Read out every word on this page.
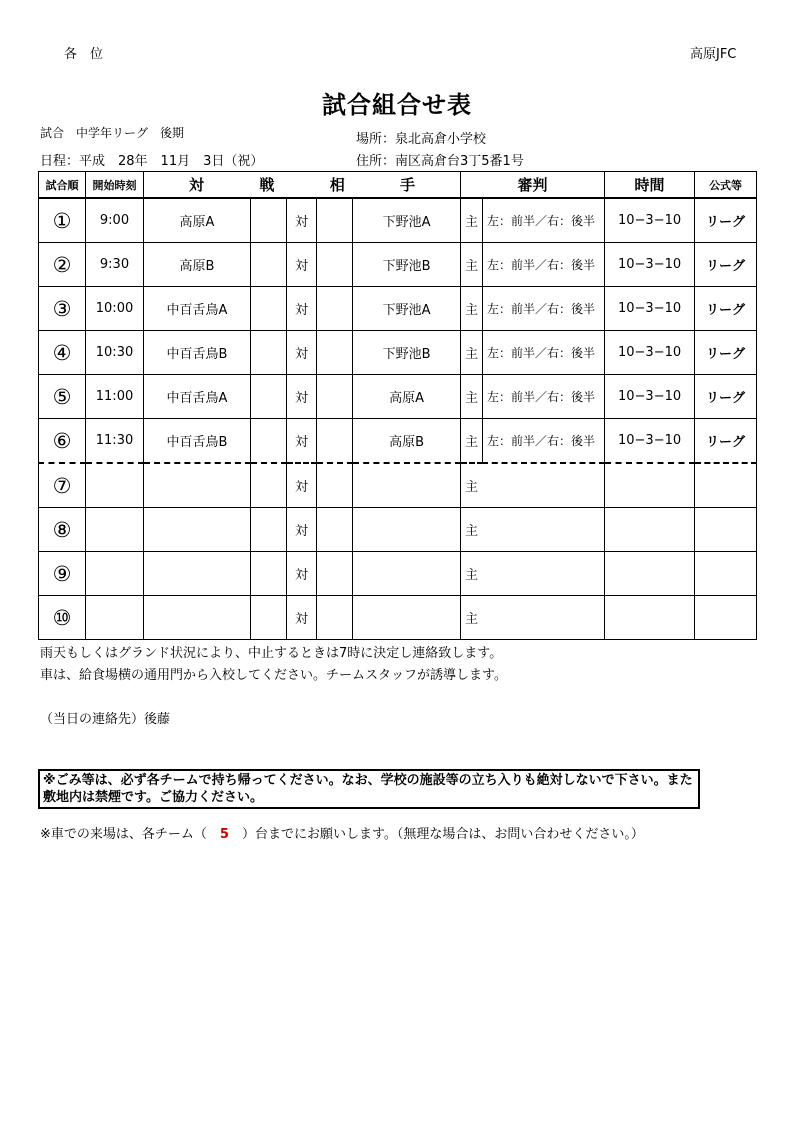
各　位	高原JFC
試合組合せ表
試合　中学年リーグ　後期
日程：平成　28年　11月　3日（祝）
場所：泉北高倉小学校
住所：南区高倉台3丁5番1号
試合順	開始時刻	対 戦 相 手					審判		時間	公式等
①	9:00	高原A		対		下野池A	主	左：前半／右：後半	10−3−10	リーグ
②	9:30	高原B		対		下野池B	主	左：前半／右：後半	10−3−10	リーグ
③	10:00	中百舌鳥A		対		下野池A	主	左：前半／右：後半	10−3−10	リーグ
④	10:30	中百舌鳥B		対		下野池B	主	左：前半／右：後半	10−3−10	リーグ
⑤	11:00	中百舌鳥A		対		高原A	主	左：前半／右：後半	10−3−10	リーグ
⑥	11:30	中百舌鳥B		対		高原B	主	左：前半／右：後半	10−3−10	リーグ
⑦				対			主			
⑧				対			主			
⑨				対			主			
⑩				対			主			
雨天もしくはグランド状況により、中止するときは7時に決定し連絡致します。
車は、給食場横の通用門から入校してください。チームスタッフが誘導します。
（当日の連絡先）後藤
※ごみ等は、必ず各チームで持ち帰ってください。なお、学校の施設等の立ち入りも絶対しないで下さい。また敷地内は禁煙です。ご協力ください。
※車での来場は、各チーム（　5　）台までにお願いします。（無理な場合は、お問い合わせください。）
